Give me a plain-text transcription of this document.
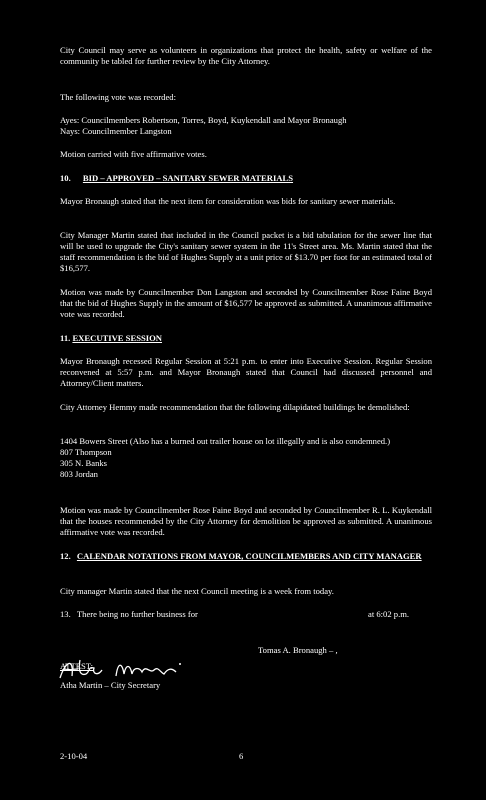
City Council may serve as volunteers in organizations that protect the health, safety or welfare of the community be tabled for further review by the City Attorney.
The following vote was recorded:
Ayes: Councilmembers Robertson, Torres, Boyd, Kuykendall and Mayor Bronaugh
Nays: Councilmember Langston
Motion carried with five affirmative votes.
10. BID – APPROVED – SANITARY SEWER MATERIALS
Mayor Bronaugh stated that the next item for consideration was bids for sanitary sewer materials.
City Manager Martin stated that included in the Council packet is a bid tabulation for the sewer line that will be used to upgrade the City's sanitary sewer system in the 11's Street area. Ms. Martin stated that the staff recommendation is the bid of Hughes Supply at a unit price of $13.70 per foot for an estimated total of $16,577.
Motion was made by Councilmember Don Langston and seconded by Councilmember Rose Faine Boyd that the bid of Hughes Supply in the amount of $16,577 be approved as submitted. A unanimous affirmative vote was recorded.
11. EXECUTIVE SESSION
Mayor Bronaugh recessed Regular Session at 5:21 p.m. to enter into Executive Session. Regular Session reconvened at 5:57 p.m. and Mayor Bronaugh stated that Council had discussed personnel and Attorney/Client matters.
City Attorney Hemmy made recommendation that the following dilapidated buildings be demolished:
1404 Bowers Street (Also has a burned out trailer house on lot illegally and is also condemned.)
807 Thompson
305 N. Banks
803 Jordan
Motion was made by Councilmember Rose Faine Boyd and seconded by Councilmember R. L. Kuykendall that the houses recommended by the City Attorney for demolition be approved as submitted. A unanimous affirmative vote was recorded.
12. CALENDAR NOTATIONS FROM MAYOR, COUNCILMEMBERS AND CITY MANAGER
City manager Martin stated that the next Council meeting is a week from today.
13. There being no further business for	at 6:02 p.m.
Tomas A. Bronaugh – ,
ATTEST:
Atha Martin – City Secretary
2-10-04	6
